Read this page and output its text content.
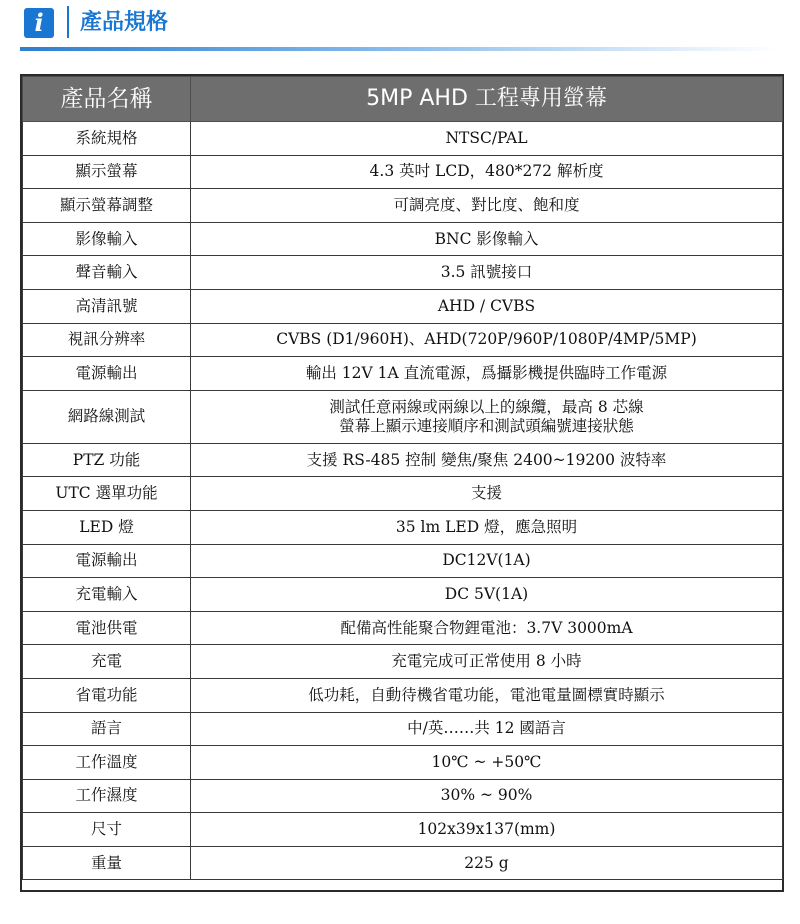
i	產品規格
產品名稱	5MP AHD 工程專用螢幕
系統規格	NTSC/PAL
顯示螢幕	4.3 英吋 LCD，480*272 解析度
顯示螢幕調整	可調亮度、對比度、飽和度
影像輸入	BNC 影像輸入
聲音輸入	3.5 訊號接口
高清訊號	AHD / CVBS
視訊分辨率	CVBS (D1/960H)、AHD(720P/960P/1080P/4MP/5MP)
電源輸出	輸出 12V 1A 直流電源，爲攝影機提供臨時工作電源
網路線測試	測試任意兩線或兩線以上的線纜，最高 8 芯線
螢幕上顯示連接順序和測試頭編號連接狀態

PTZ 功能	支援 RS-485 控制 變焦/聚焦 2400~19200 波特率
UTC 選單功能	支援
LED 燈	35 lm LED 燈，應急照明
電源輸出	DC12V(1A)
充電輸入	DC 5V(1A)
電池供電	配備高性能聚合物鋰電池：3.7V 3000mA
充電	充電完成可正常使用 8 小時
省電功能	低功耗，自動待機省電功能，電池電量圖標實時顯示
語言	中/英……共 12 國語言
工作溫度	10℃ ~ +50℃
工作濕度	30% ~ 90%
尺寸	102x39x137(mm)
重量	225 g
